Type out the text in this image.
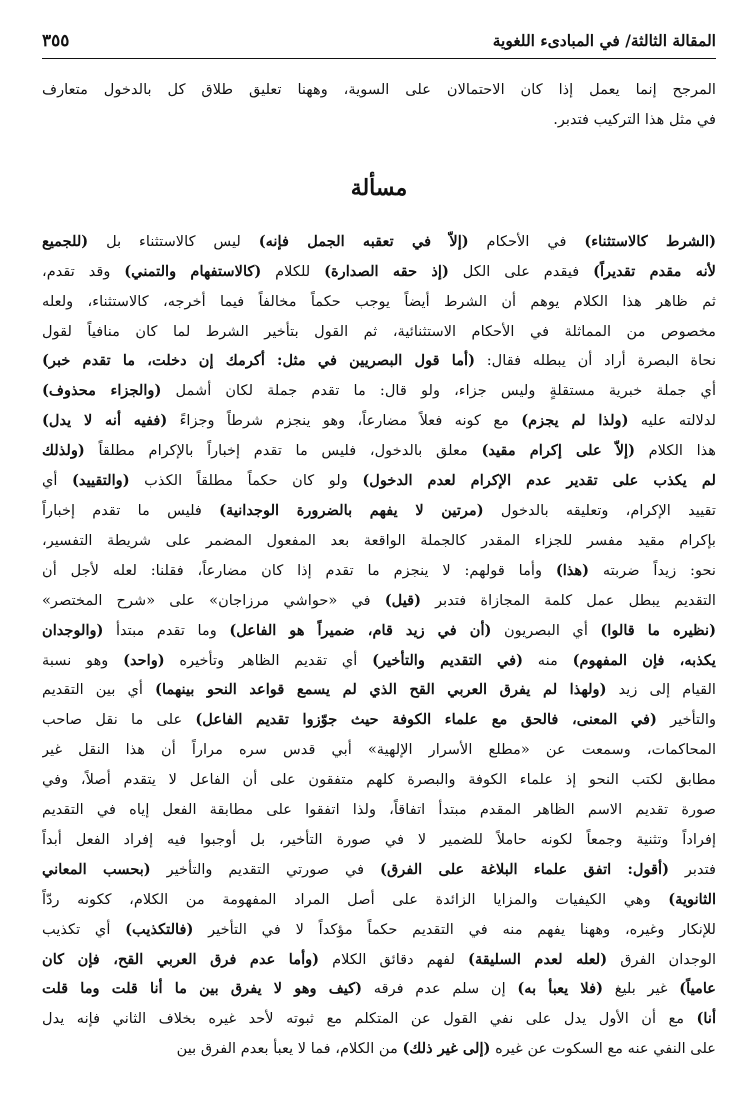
المقالة الثالثة/ في المبادىء اللغوية
٣٥٥
المرجح إنما يعمل إذا كان الاحتمالان على السوية، وههنا تعليق طلاق كل بالدخول متعارف
في مثل هذا التركيب فتدبر.
مسألة
(الشرط كالاستثناء) في الأحكام (إلاّ في تعقبه الجمل فإنه) ليس كالاستثناء بل (للجميع
لأنه مقدم تقديراً) فيقدم على الكل (إذ حقه الصدارة) للكلام (كالاستفهام والتمني) وقد تقدم،
ثم ظاهر هذا الكلام يوهم أن الشرط أيضاً يوجب حكماً مخالفاً فيما أخرجه، كالاستثناء، ولعله
مخصوص من المماثلة في الأحكام الاستثنائية، ثم القول بتأخير الشرط لما كان منافياً لقول
نحاة البصرة أراد أن يبطله فقال: (أما قول البصريين في مثل: أكرمك إن دخلت، ما تقدم خبر)
أي جملة خبرية مستقلةٍ وليس جزاء، ولو قال: ما تقدم جملة لكان أشمل (والجزاء محذوف)
لدلالته عليه (ولذا لم يجزم) مع كونه فعلاً مضارعاً، وهو ينجزم شرطاً وجزاءً (ففيه أنه لا يدل)
هذا الكلام (إلاّ على إكرام مقيد) معلق بالدخول، فليس ما تقدم إخباراً بالإكرام مطلقاً (ولذلك
لم يكذب على تقدير عدم الإكرام لعدم الدخول) ولو كان حكماً مطلقاً الكذب (والتقييد) أي
تقييد الإكرام، وتعليقه بالدخول (مرتين لا يفهم بالضرورة الوجدانية) فليس ما تقدم إخباراً
بإكرام مقيد مفسر للجزاء المقدر كالجملة الواقعة بعد المفعول المضمر على شريطة التفسير،
نحو: زيداً ضربته (هذا) وأما قولهم: لا ينجزم ما تقدم إذا كان مضارعاً، فقلنا: لعله لأجل أن
التقديم يبطل عمل كلمة المجازاة فتدبر (قيل) في «حواشي مرزاجان» على «شرح المختصر»
(نظيره ما قالوا) أي البصريون (أن في زيد قام، ضميراً هو الفاعل) وما تقدم مبتدأ (والوجدان
يكذبه، فإن المفهوم) منه (في التقديم والتأخير) أي تقديم الظاهر وتأخيره (واحد) وهو نسبة
القيام إلى زيد (ولهذا لم يفرق العربي القح الذي لم يسمع قواعد النحو بينهما) أي بين التقديم
والتأخير (في المعنى، فالحق مع علماء الكوفة حيث جوّزوا تقديم الفاعل) على ما نقل صاحب
المحاكمات، وسمعت عن «مطلع الأسرار الإلهية» أبي قدس سره مراراً أن هذا النقل غير
مطابق لكتب النحو إذ علماء الكوفة والبصرة كلهم متفقون على أن الفاعل لا يتقدم أصلاً، وفي
صورة تقديم الاسم الظاهر المقدم مبتدأ اتفاقاً، ولذا اتفقوا على مطابقة الفعل إياه في التقديم
إفراداً وتثنية وجمعاً لكونه حاملاً للضمير لا في صورة التأخير، بل أوجبوا فيه إفراد الفعل أبداً
فتدبر (أقول: اتفق علماء البلاغة على الفرق) في صورتي التقديم والتأخير (بحسب المعاني
الثانوية) وهي الكيفيات والمزايا الزائدة على أصل المراد المفهومة من الكلام، ككونه ردّاً
للإنكار وغيره، وههنا يفهم منه في التقديم حكماً مؤكداً لا في التأخير (فالتكذيب) أي تكذيب
الوجدان الفرق (لعله لعدم السليقة) لفهم دقائق الكلام (وأما عدم فرق العربي القح، فإن كان
عامياً) غير بليغ (فلا يعبأ به) إن سلم عدم فرقه (كيف وهو لا يفرق بين ما أنا قلت وما قلت
أنا) مع أن الأول يدل على نفي القول عن المتكلم مع ثبوته لأحد غيره بخلاف الثاني فإنه يدل
على النفي عنه مع السكوت عن غيره (إلى غير ذلك) من الكلام، فما لا يعبأ بعدم الفرق بين
